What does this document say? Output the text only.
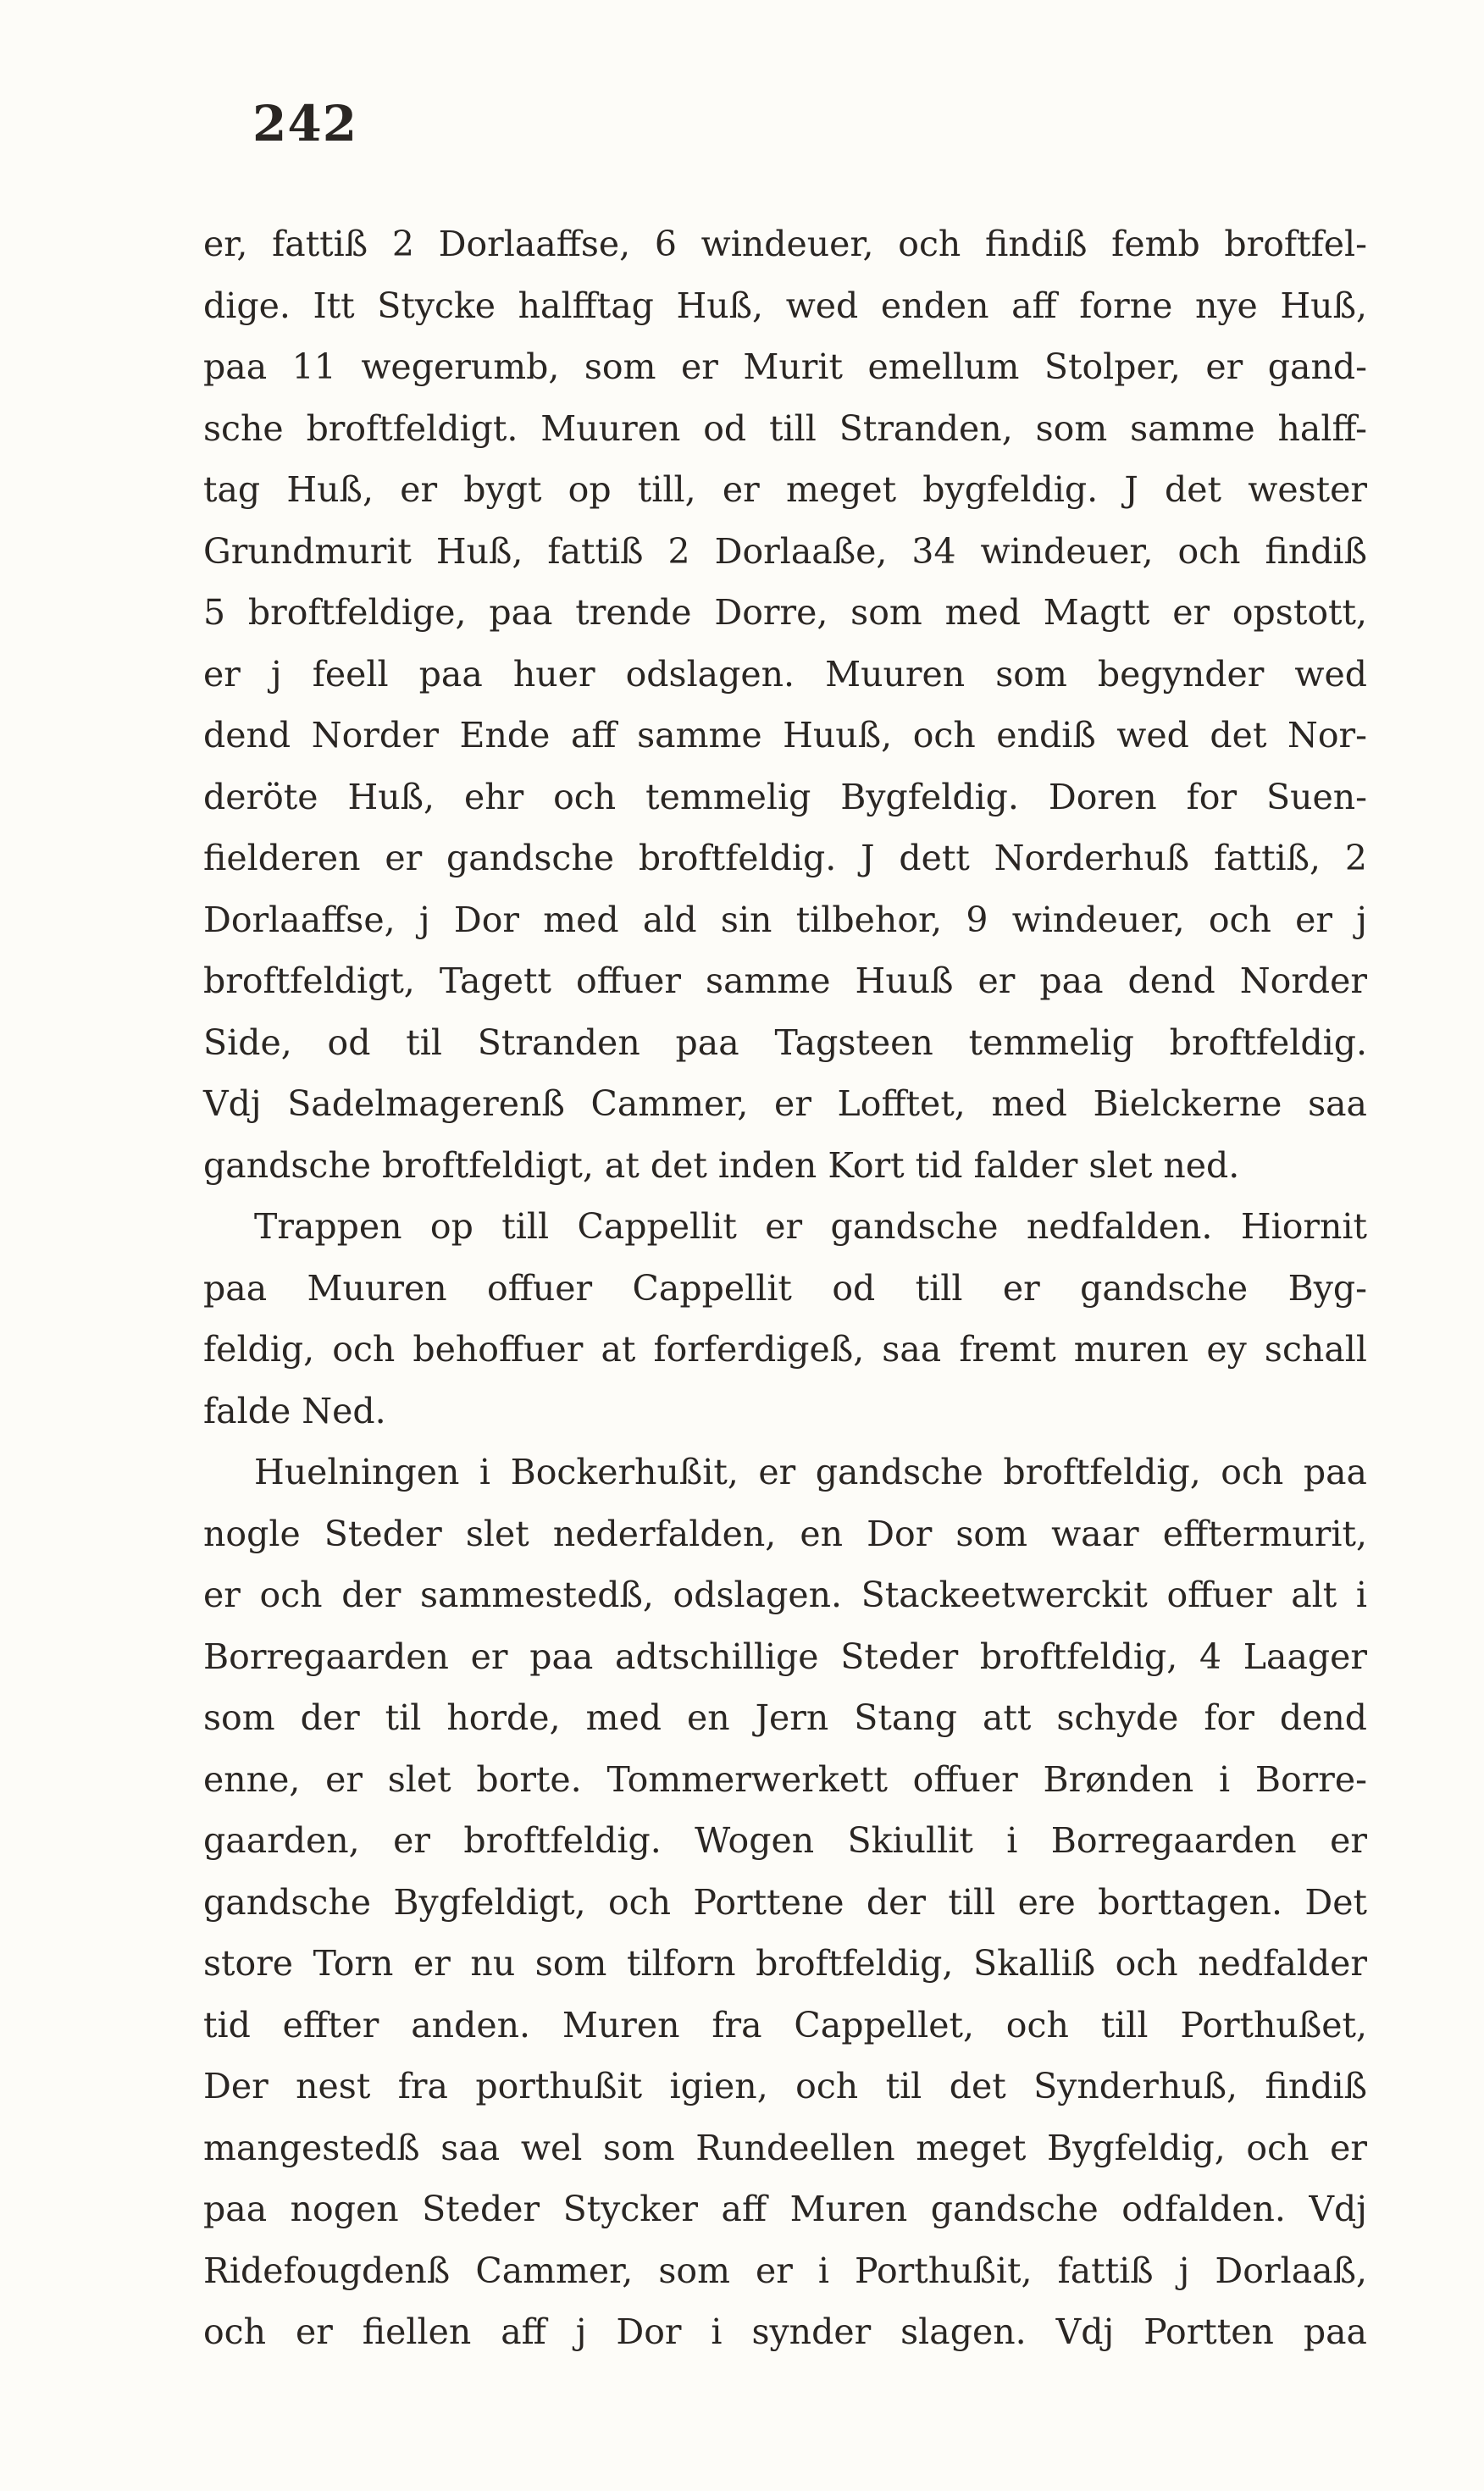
242
er, fattiß 2 Dorlaaffse, 6 windeuer, och findiß femb broftfel-
dige. Itt Stycke halfftag Huß, wed enden aff forne nye Huß,
paa 11 wegerumb, som er Murit emellum Stolper, er gand-
sche broftfeldigt. Muuren od till Stranden, som samme halff-
tag Huß, er bygt op till, er meget bygfeldig. J det wester
Grundmurit Huß, fattiß 2 Dorlaaße, 34 windeuer, och findiß
5 broftfeldige, paa trende Dorre, som med Magtt er opstott,
er j feell paa huer odslagen. Muuren som begynder wed
dend Norder Ende aff samme Huuß, och endiß wed det Nor-
deröte Huß, ehr och temmelig Bygfeldig. Doren for Suen-
fielderen er gandsche broftfeldig. J dett Norderhuß fattiß, 2
Dorlaaffse, j Dor med ald sin tilbehor, 9 windeuer, och er j
broftfeldigt, Tagett offuer samme Huuß er paa dend Norder
Side, od til Stranden paa Tagsteen temmelig broftfeldig.
Vdj Sadelmagerenß Cammer, er Lofftet, med Bielckerne saa
gandsche broftfeldigt, at det inden Kort tid falder slet ned.
Trappen op till Cappellit er gandsche nedfalden. Hiornit
paa Muuren offuer Cappellit od till er gandsche Byg-
feldig, och behoffuer at forferdigeß, saa fremt muren ey schall
falde Ned.
Huelningen i Bockerhußit, er gandsche broftfeldig, och paa
nogle Steder slet nederfalden, en Dor som waar efftermurit,
er och der sammestedß, odslagen. Stackeetwerckit offuer alt i
Borregaarden er paa adtschillige Steder broftfeldig, 4 Laager
som der til horde, med en Jern Stang att schyde for dend
enne, er slet borte. Tommerwerkett offuer Brønden i Borre-
gaarden, er broftfeldig. Wogen Skiullit i Borregaarden er
gandsche Bygfeldigt, och Porttene der till ere borttagen. Det
store Torn er nu som tilforn broftfeldig, Skalliß och nedfalder
tid effter anden. Muren fra Cappellet, och till Porthußet,
Der nest fra porthußit igien, och til det Synderhuß, findiß
mangestedß saa wel som Rundeellen meget Bygfeldig, och er
paa nogen Steder Stycker aff Muren gandsche odfalden. Vdj
Ridefougdenß Cammer, som er i Porthußit, fattiß j Dorlaaß,
och er fiellen aff j Dor i synder slagen. Vdj Portten paa
